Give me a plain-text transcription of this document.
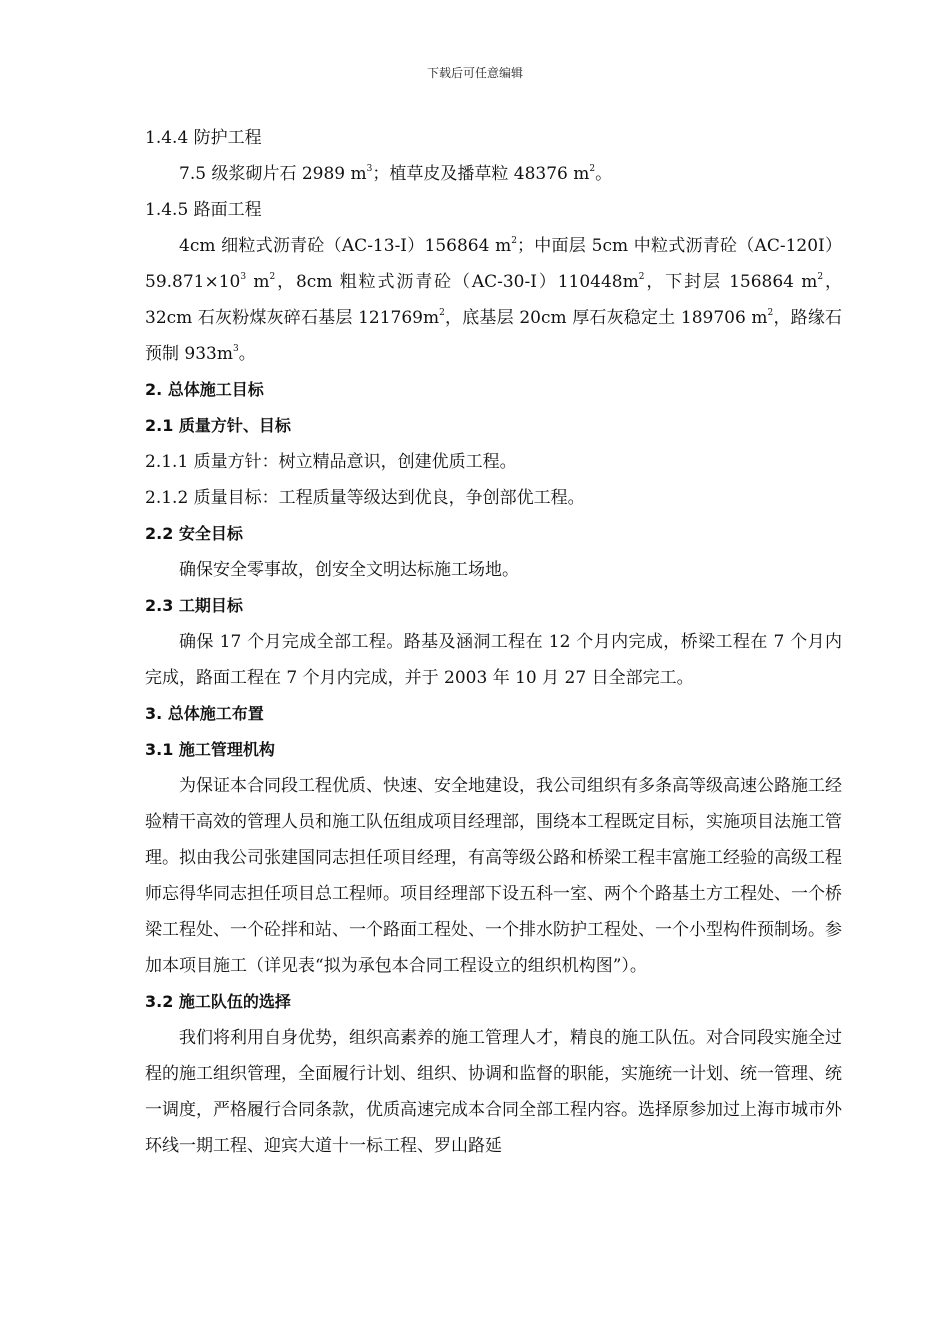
下载后可任意编辑
1.4.4 防护工程
7.5 级浆砌片石 2989 $m^3$；植草皮及播草粒 48376 $m^2$。
1.4.5 路面工程

4cm 细粒式沥青砼（AC-13-I）156864 $m^2$；中面层 5cm 中粒式沥青砼$(AC-120I)59.871\times 10^3$ $m^2$，8cm 粗粒式沥青砼$(AC-30-I)110448m^2$，下封层 156864 $m^2$，32cm 石灰粉煤灰碎石基层 $121769m^2$，底基层 20cm 厚石灰稳定土 189706 $m^2$，路缘石预制 $933m^3$。

2. 总体施工目标
2.1 质量方针、目标
2.1.1 质量方针：树立精品意识，创建优质工程。
2.1.2 质量目标：工程质量等级达到优良，争创部优工程。
2.2 安全目标

确保安全零事故，创安全文明达标施工场地。

2.3 工期目标

确保 17 个月完成全部工程。路基及涵洞工程在 12 个月内完成，桥梁工程在 7 个月内完成，路面工程在 7 个月内完成，并于 2003 年 10 月 27 日全部完工。

3. 总体施工布置
3.1 施工管理机构

为保证本合同段工程优质、快速、安全地建设，我公司组织有多条高等级高速公路施工经验精干高效的管理人员和施工队伍组成项目经理部，围绕本工程既定目标，实施项目法施工管理。拟由我公司张建国同志担任项目经理，有高等级公路和桥梁工程丰富施工经验的高级工程师忘得华同志担任项目总工程师。项目经理部下设五科一室、两个个路基土方工程处、一个桥梁工程处、一个砼拌和站、一个路面工程处、一个排水防护工程处、一个小型构件预制场。参加本项目施工（详见表“拟为承包本合同工程设立的组织机构图”）。

3.2 施工队伍的选择

我们将利用自身优势，组织高素养的施工管理人才，精良的施工队伍。对合同段实施全过程的施工组织管理，全面履行计划、组织、协调和监督的职能，实施统一计划、统一管理、统一调度，严格履行合同条款，优质高速完成本合同全部工程内容。选择原参加过上海市城市外环线一期工程、迎宾大道十一标工程、罗山路延
